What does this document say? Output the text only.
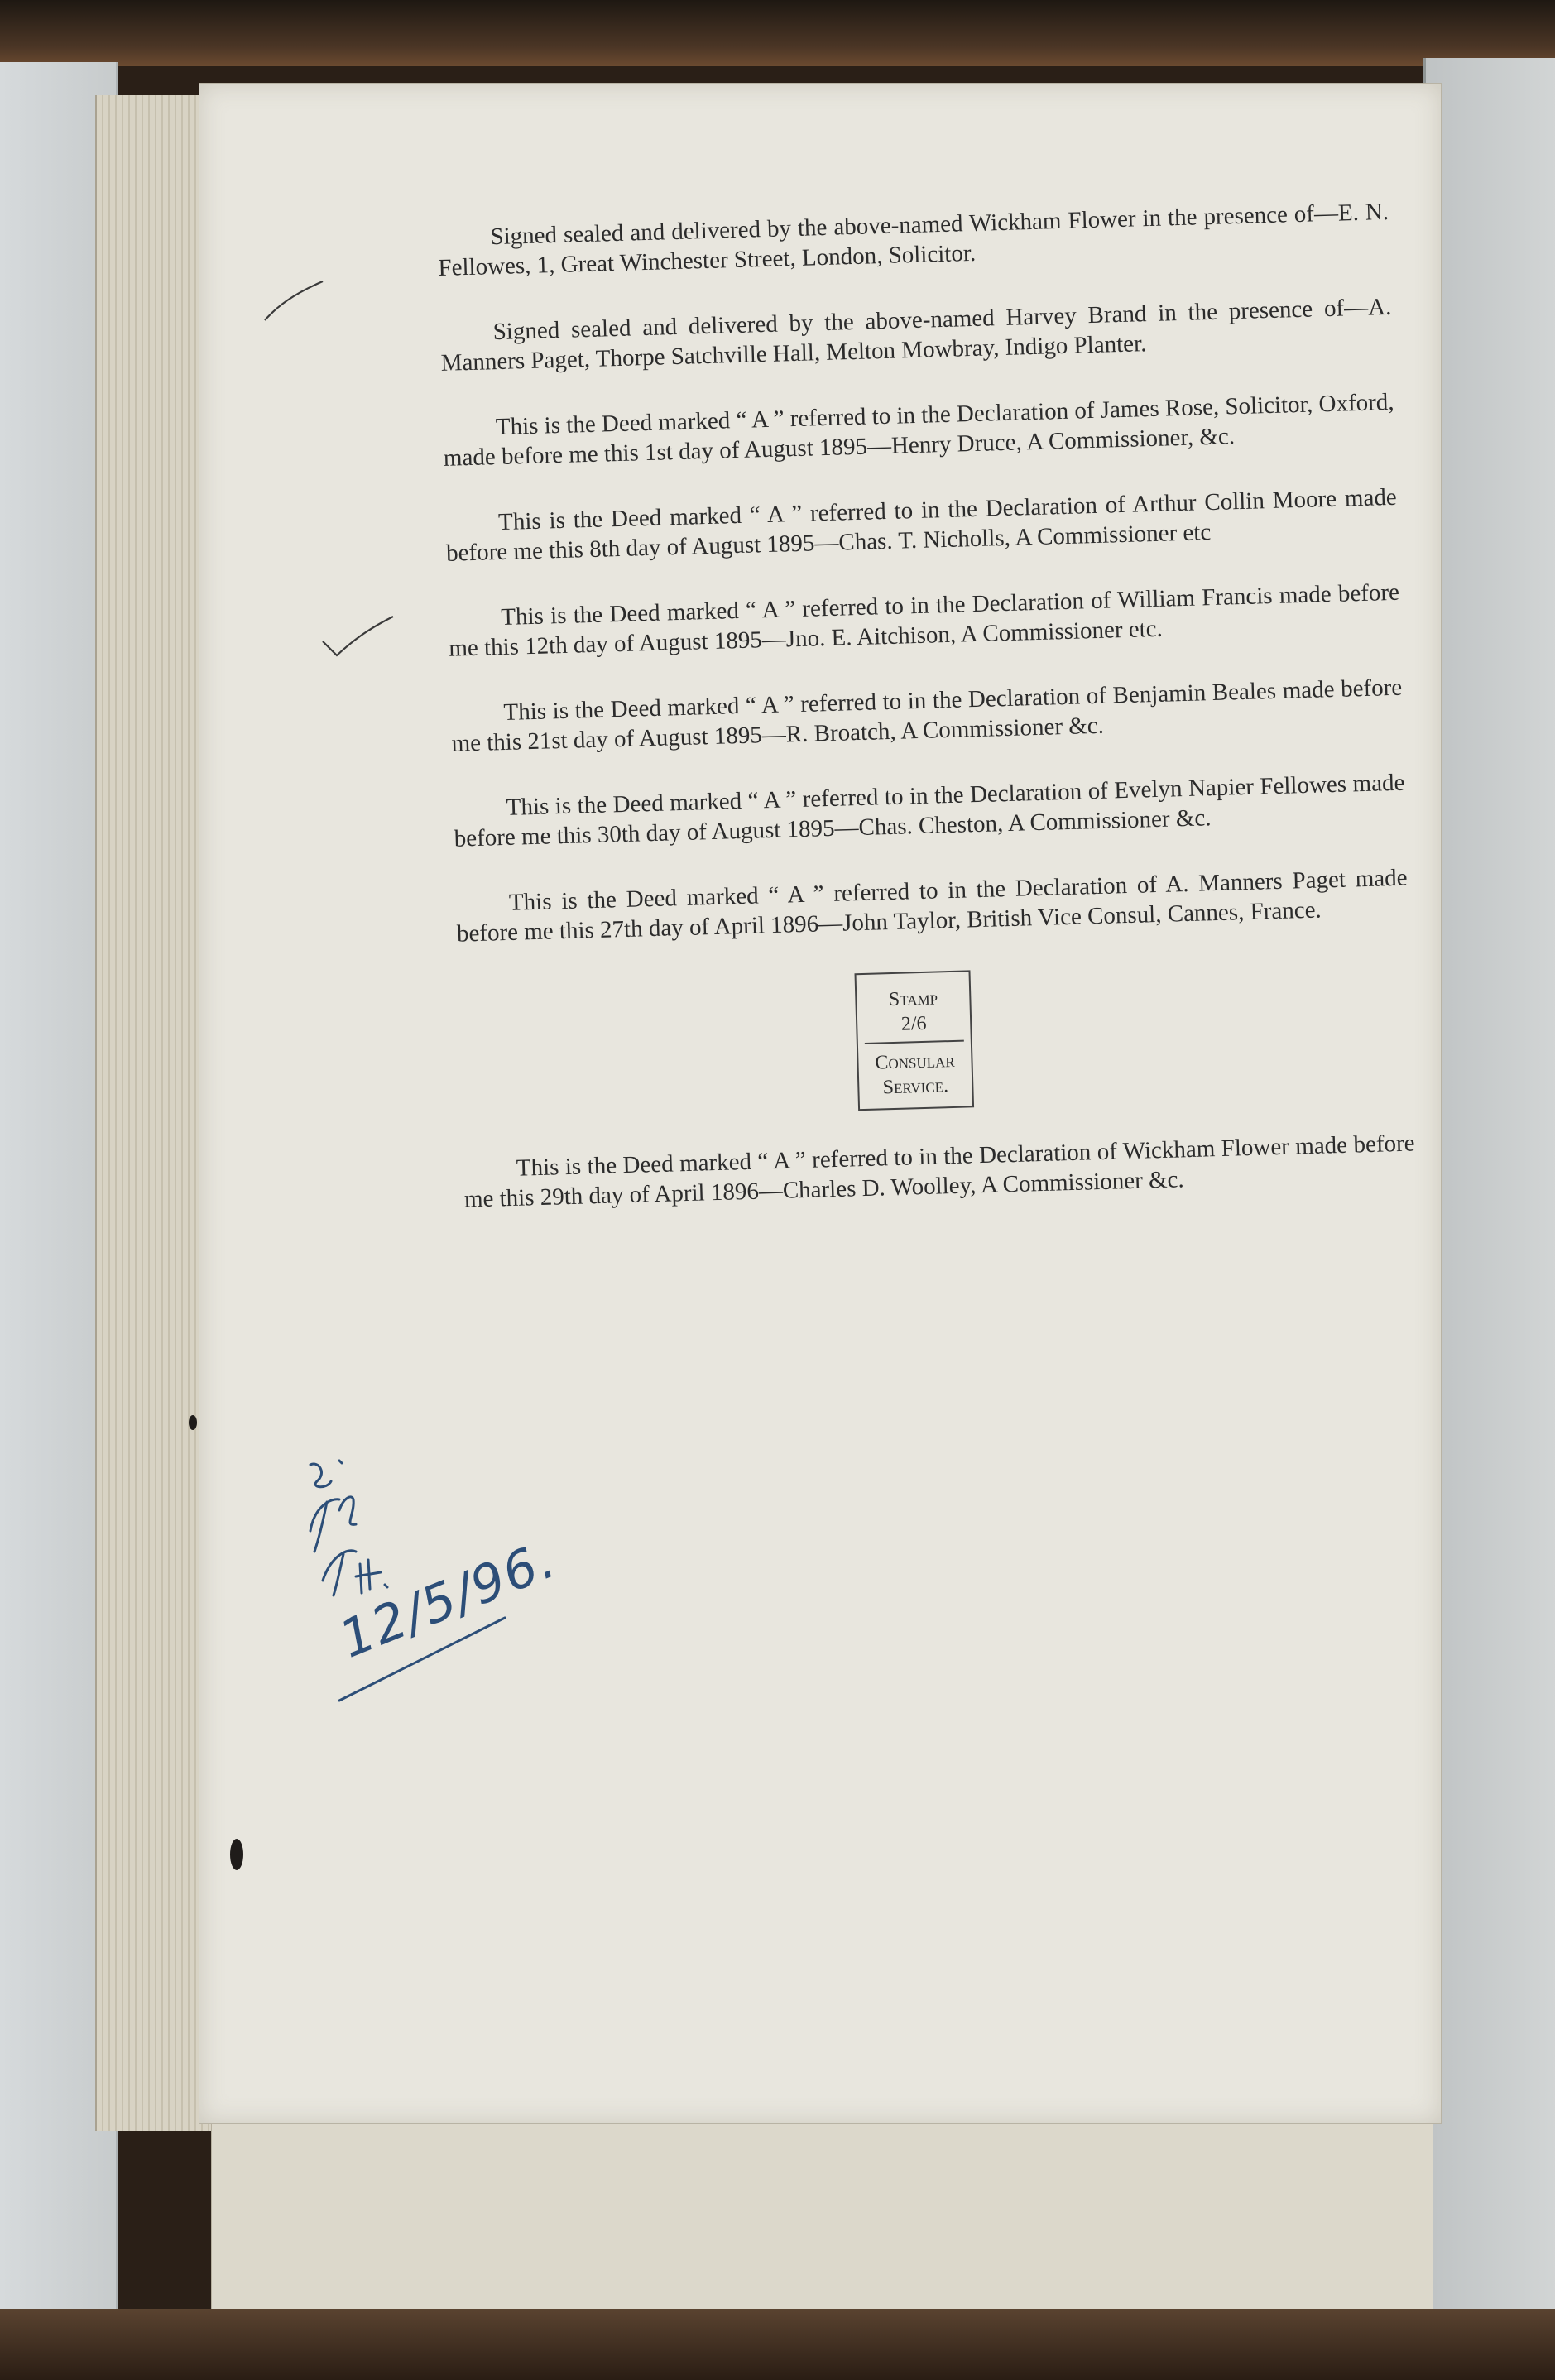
Signed sealed and delivered by the above-named Wickham Flower in the presence of—E. N. Fellowes, 1, Great Winchester Street, London, Solicitor.

Signed sealed and delivered by the above-named Harvey Brand in the presence of—A. Manners Paget, Thorpe Satchville Hall, Melton Mowbray, Indigo Planter.

This is the Deed marked “ A ” referred to in the Declaration of James Rose, Solicitor, Oxford, made before me this 1st day of August 1895—Henry Druce, A Commissioner, &c.

This is the Deed marked “ A ” referred to in the Declaration of Arthur Collin Moore made before me this 8th day of August 1895—Chas. T. Nicholls, A Commissioner etc

This is the Deed marked “ A ” referred to in the Declaration of William Francis made before me this 12th day of August 1895—Jno. E. Aitchison, A Commissioner etc.

This is the Deed marked “ A ” referred to in the Declaration of Benjamin Beales made before me this 21st day of August 1895—R. Broatch, A Commissioner &c.

This is the Deed marked “ A ” referred to in the Declaration of Evelyn Napier Fellowes made before me this 30th day of August 1895—Chas. Cheston, A Commissioner &c.

This is the Deed marked “ A ” referred to in the Declaration of A. Manners Paget made before me this 27th day of April 1896—John Taylor, British Vice Consul, Cannes, France.

Stamp
2/6
Consular
Service.

This is the Deed marked “ A ” referred to in the Declaration of Wickham Flower made before me this 29th day of April 1896—Charles D. Woolley, A Commissioner &c.

12/5/96.
